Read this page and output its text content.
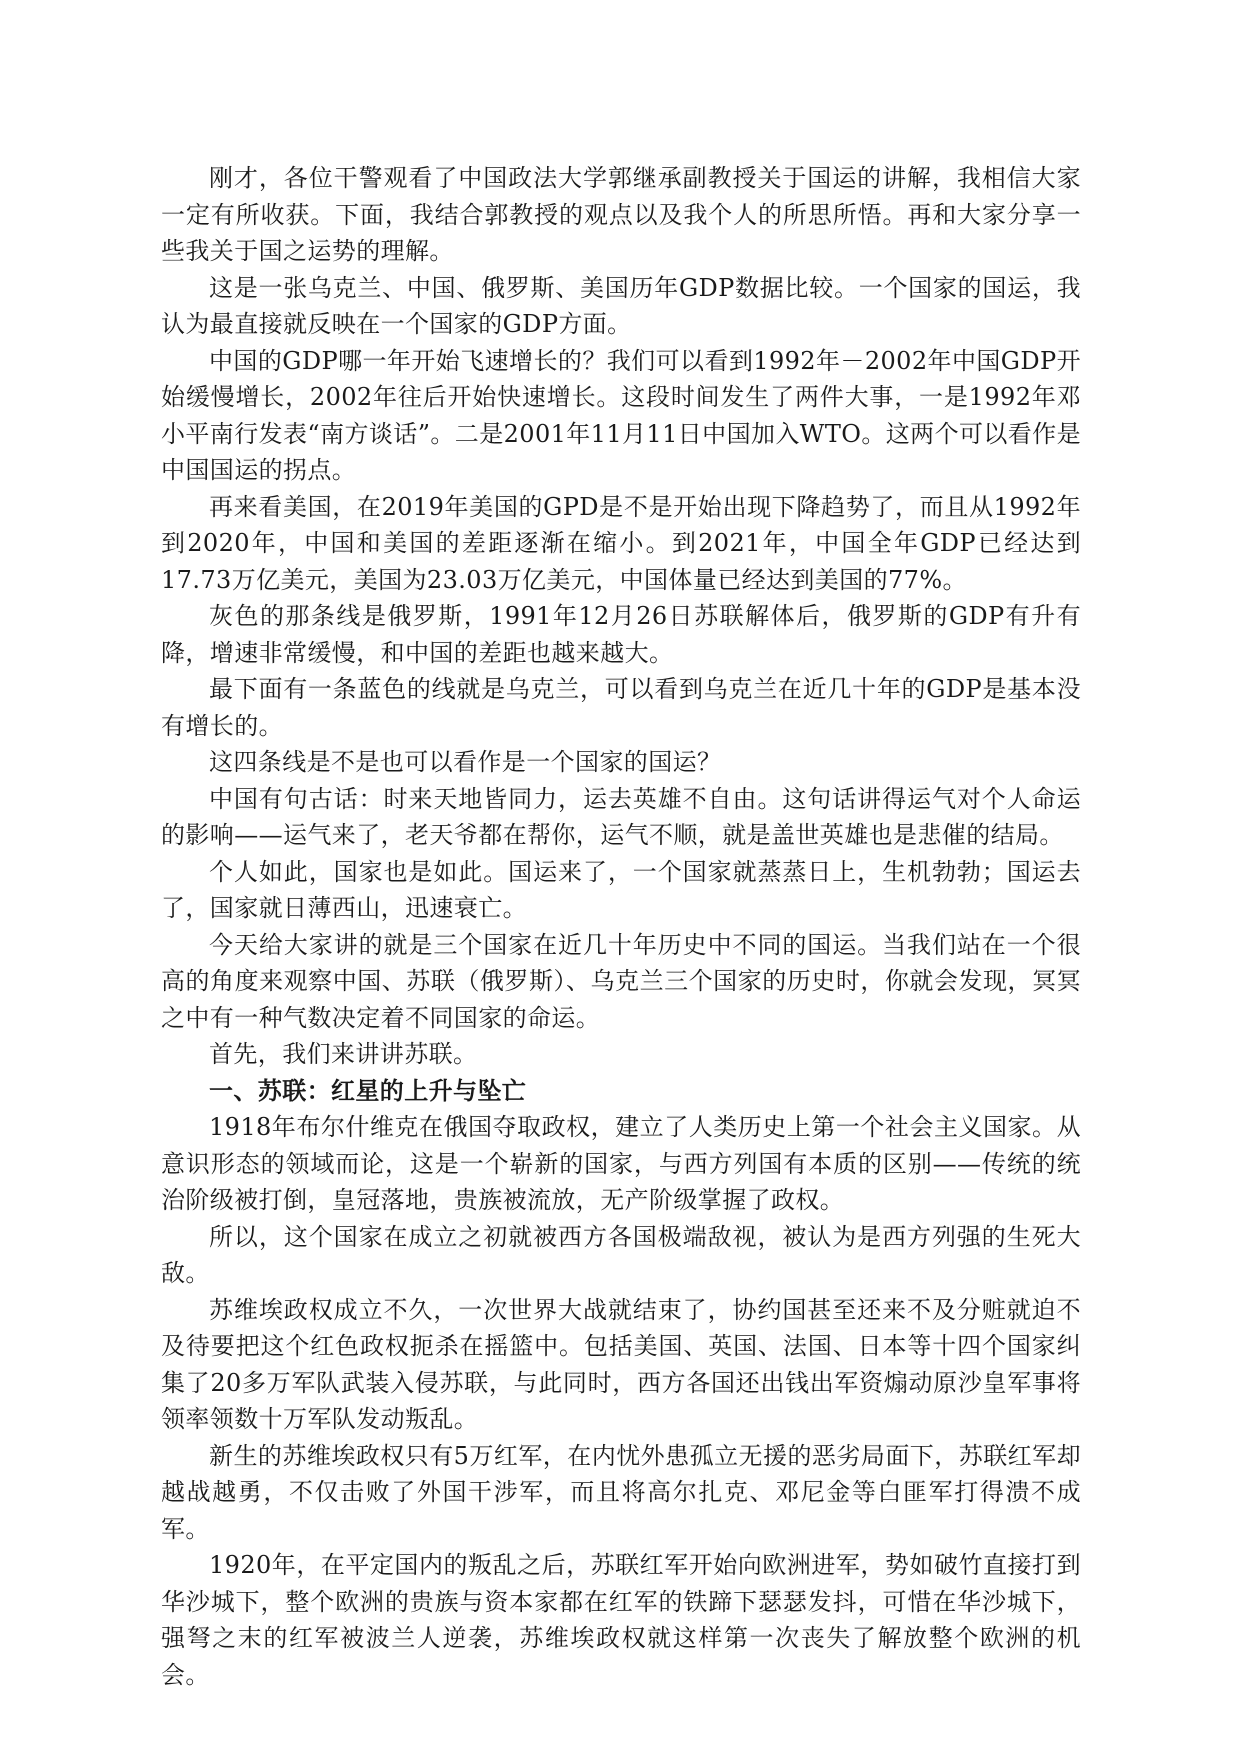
刚才，各位干警观看了中国政法大学郭继承副教授关于国运的讲解，我相信大家一定有所收获。下面，我结合郭教授的观点以及我个人的所思所悟。再和大家分享一些我关于国之运势的理解。

这是一张乌克兰、中国、俄罗斯、美国历年GDP数据比较。一个国家的国运，我认为最直接就反映在一个国家的GDP方面。

中国的GDP哪一年开始飞速增长的？我们可以看到1992年－2002年中国GDP开始缓慢增长，2002年往后开始快速增长。这段时间发生了两件大事，一是1992年邓小平南行发表“南方谈话”。二是2001年11月11日中国加入WTO。这两个可以看作是中国国运的拐点。

再来看美国，在2019年美国的GPD是不是开始出现下降趋势了，而且从1992年到2020年，中国和美国的差距逐渐在缩小。到2021年，中国全年GDP已经达到17.73万亿美元，美国为23.03万亿美元，中国体量已经达到美国的77%。

灰色的那条线是俄罗斯，1991年12月26日苏联解体后，俄罗斯的GDP有升有降，增速非常缓慢，和中国的差距也越来越大。

最下面有一条蓝色的线就是乌克兰，可以看到乌克兰在近几十年的GDP是基本没有增长的。

这四条线是不是也可以看作是一个国家的国运？

中国有句古话：时来天地皆同力，运去英雄不自由。这句话讲得运气对个人命运的影响——运气来了，老天爷都在帮你，运气不顺，就是盖世英雄也是悲催的结局。

个人如此，国家也是如此。国运来了，一个国家就蒸蒸日上，生机勃勃；国运去了，国家就日薄西山，迅速衰亡。

今天给大家讲的就是三个国家在近几十年历史中不同的国运。当我们站在一个很高的角度来观察中国、苏联（俄罗斯）、乌克兰三个国家的历史时，你就会发现，冥冥之中有一种气数决定着不同国家的命运。

首先，我们来讲讲苏联。

一、苏联：红星的上升与坠亡

1918年布尔什维克在俄国夺取政权，建立了人类历史上第一个社会主义国家。从意识形态的领域而论，这是一个崭新的国家，与西方列国有本质的区别——传统的统治阶级被打倒，皇冠落地，贵族被流放，无产阶级掌握了政权。

所以，这个国家在成立之初就被西方各国极端敌视，被认为是西方列强的生死大敌。

苏维埃政权成立不久，一次世界大战就结束了，协约国甚至还来不及分赃就迫不及待要把这个红色政权扼杀在摇篮中。包括美国、英国、法国、日本等十四个国家纠集了20多万军队武装入侵苏联，与此同时，西方各国还出钱出军资煽动原沙皇军事将领率领数十万军队发动叛乱。

新生的苏维埃政权只有5万红军，在内忧外患孤立无援的恶劣局面下，苏联红军却越战越勇，不仅击败了外国干涉军，而且将高尔扎克、邓尼金等白匪军打得溃不成军。

1920年，在平定国内的叛乱之后，苏联红军开始向欧洲进军，势如破竹直接打到华沙城下，整个欧洲的贵族与资本家都在红军的铁蹄下瑟瑟发抖，可惜在华沙城下，强弩之末的红军被波兰人逆袭，苏维埃政权就这样第一次丧失了解放整个欧洲的机会。
